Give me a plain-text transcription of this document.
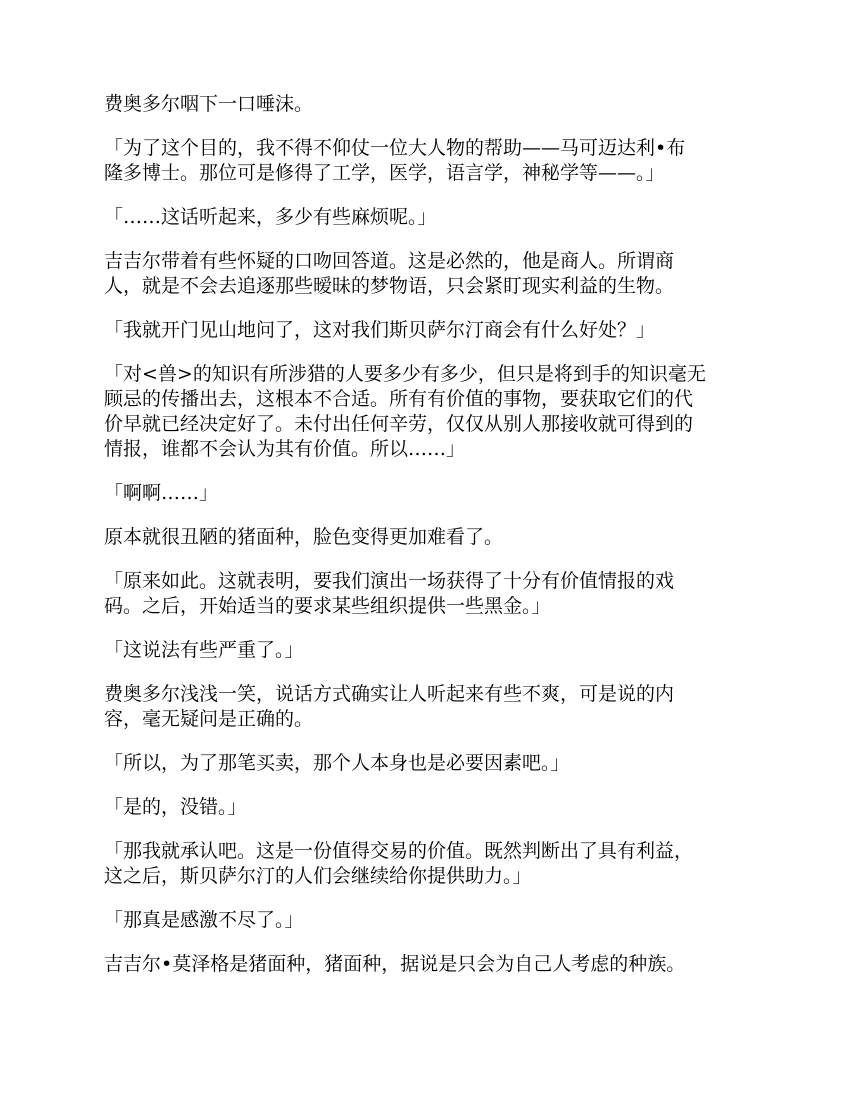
费奥多尔咽下一口唾沫。

「为了这个目的，我不得不仰仗一位大人物的帮助——马可迈达利•布
隆多博士。那位可是修得了工学，医学，语言学，神秘学等——。」

「……这话听起来，多少有些麻烦呢。」

吉吉尔带着有些怀疑的口吻回答道。这是必然的，他是商人。所谓商
人，就是不会去追逐那些暧昧的梦物语，只会紧盯现实利益的生物。

「我就开门见山地问了，这对我们斯贝萨尔汀商会有什么好处？」

「对<兽>的知识有所涉猎的人要多少有多少，但只是将到手的知识毫无
顾忌的传播出去，这根本不合适。所有有价值的事物，要获取它们的代
价早就已经决定好了。未付出任何辛劳，仅仅从别人那接收就可得到的
情报，谁都不会认为其有价值。所以……」

「啊啊……」

原本就很丑陋的猪面种，脸色变得更加难看了。

「原来如此。这就表明，要我们演出一场获得了十分有价值情报的戏
码。之后，开始适当的要求某些组织提供一些黑金。」

「这说法有些严重了。」

费奥多尔浅浅一笑，说话方式确实让人听起来有些不爽，可是说的内
容，毫无疑问是正确的。

「所以，为了那笔买卖，那个人本身也是必要因素吧。」

「是的，没错。」

「那我就承认吧。这是一份值得交易的价值。既然判断出了具有利益，
这之后，斯贝萨尔汀的人们会继续给你提供助力。」

「那真是感激不尽了。」

吉吉尔•莫泽格是猪面种，猪面种，据说是只会为自己人考虑的种族。
